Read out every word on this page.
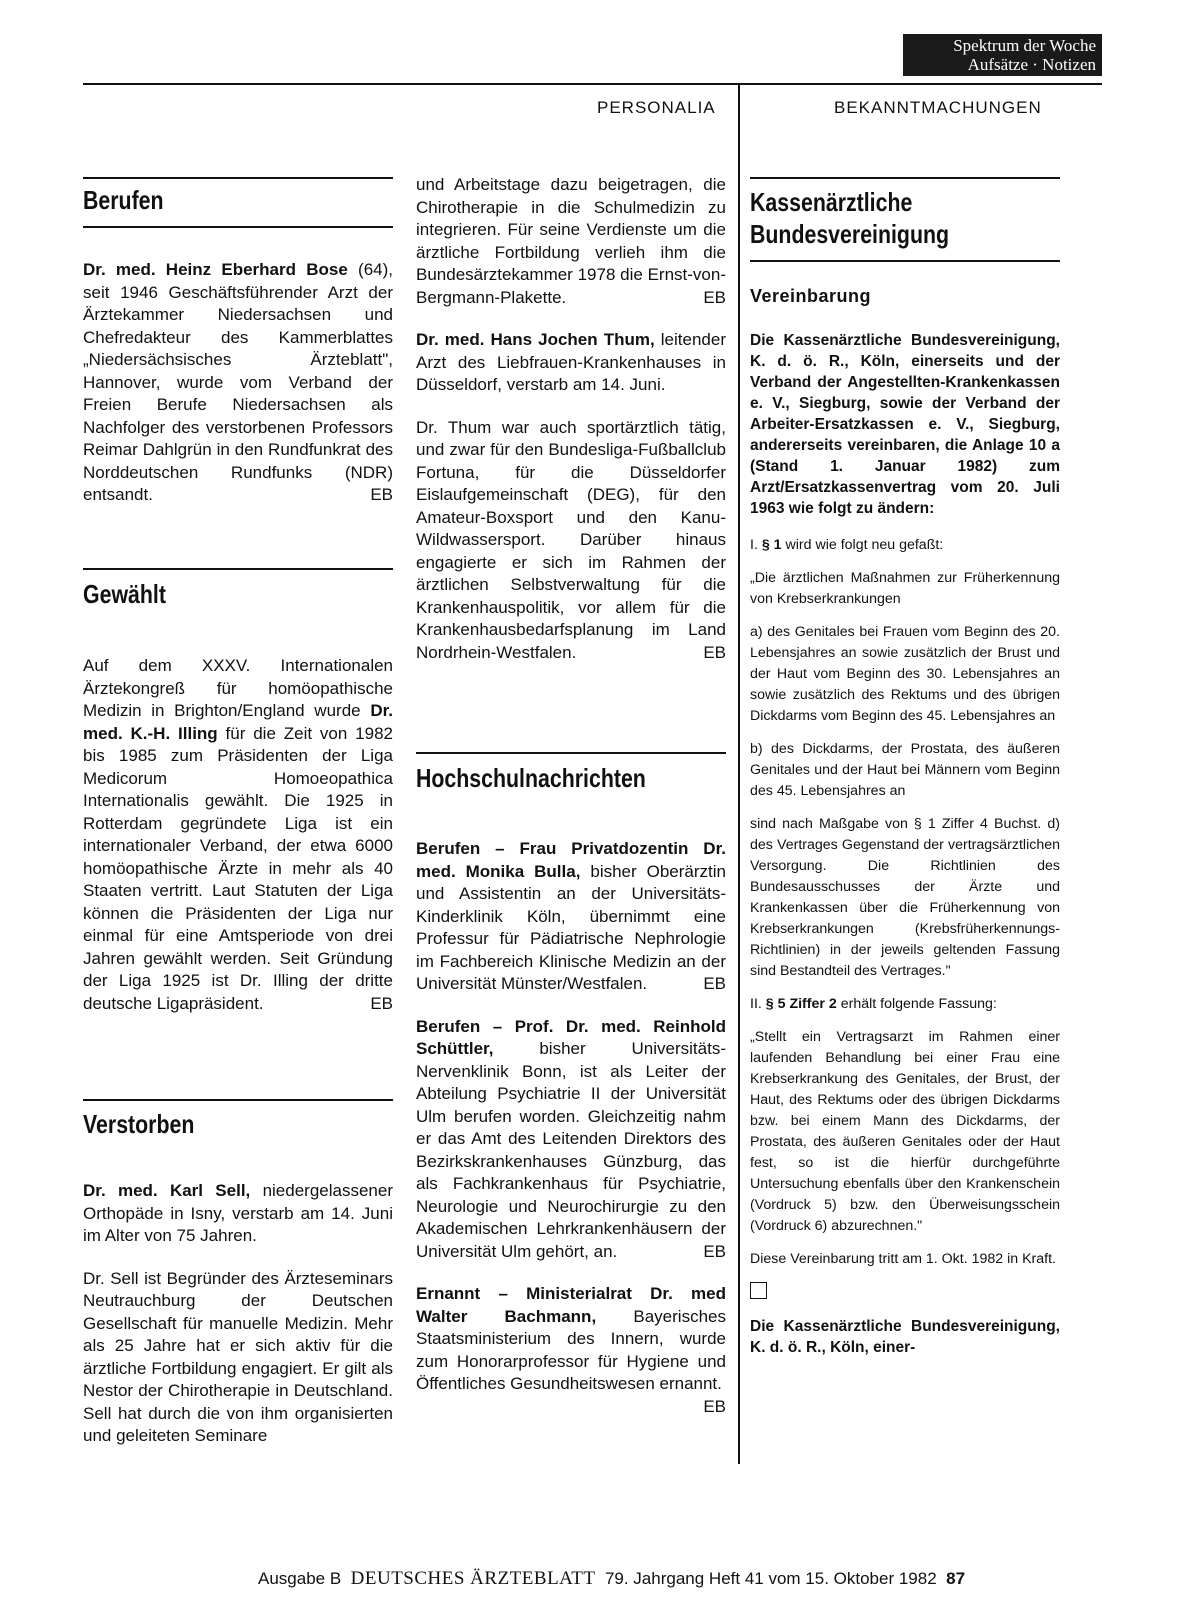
Spektrum der Woche
Aufsätze · Notizen
PERSONALIA	BEKANNTMACHUNGEN
Berufen

Dr. med. Heinz Eberhard Bose (64), seit 1946 Geschäftsführender Arzt der Ärztekammer Niedersachsen und Chefredakteur des Kammerblattes „Niedersächsisches Ärzteblatt", Hannover, wurde vom Verband der Freien Berufe Niedersachsen als Nachfolger des verstorbenen Professors Reimar Dahlgrün in den Rundfunkrat des Norddeutschen Rundfunks (NDR) entsandt.	EB

Gewählt

Auf dem XXXV. Internationalen Ärztekongreß für homöopathische Medizin in Brighton/England wurde Dr. med. K.-H. Illing für die Zeit von 1982 bis 1985 zum Präsidenten der Liga Medicorum Homoeopathica Internationalis gewählt. Die 1925 in Rotterdam gegründete Liga ist ein internationaler Verband, der etwa 6000 homöopathische Ärzte in mehr als 40 Staaten vertritt. Laut Statuten der Liga können die Präsidenten der Liga nur einmal für eine Amtsperiode von drei Jahren gewählt werden. Seit Gründung der Liga 1925 ist Dr. Illing der dritte deutsche Ligapräsident.	EB

Verstorben

Dr. med. Karl Sell, niedergelassener Orthopäde in Isny, verstarb am 14. Juni im Alter von 75 Jahren.

Dr. Sell ist Begründer des Ärzteseminars Neutrauchburg der Deutschen Gesellschaft für manuelle Medizin. Mehr als 25 Jahre hat er sich aktiv für die ärztliche Fortbildung engagiert. Er gilt als Nestor der Chirotherapie in Deutschland. Sell hat durch die von ihm organisierten und geleiteten Seminare

und Arbeitstage dazu beigetragen, die Chirotherapie in die Schulmedizin zu integrieren. Für seine Verdienste um die ärztliche Fortbildung verlieh ihm die Bundesärztekammer 1978 die Ernst-von-Bergmann-Plakette.	EB

Dr. med. Hans Jochen Thum, leitender Arzt des Liebfrauen-Krankenhauses in Düsseldorf, verstarb am 14. Juni.

Dr. Thum war auch sportärztlich tätig, und zwar für den Bundesliga-Fußballclub Fortuna, für die Düsseldorfer Eislaufgemeinschaft (DEG), für den Amateur-Boxsport und den Kanu-Wildwassersport. Darüber hinaus engagierte er sich im Rahmen der ärztlichen Selbstverwaltung für die Krankenhauspolitik, vor allem für die Krankenhausbedarfsplanung im Land Nordrhein-Westfalen.	EB

Hochschulnachrichten

Berufen – Frau Privatdozentin Dr. med. Monika Bulla, bisher Oberärztin und Assistentin an der Universitäts-Kinderklinik Köln, übernimmt eine Professur für Pädiatrische Nephrologie im Fachbereich Klinische Medizin an der Universität Münster/Westfalen.	EB

Berufen – Prof. Dr. med. Reinhold Schüttler,	bisher Universitäts-Nervenklinik Bonn, ist als Leiter der Abteilung Psychiatrie II der Universität Ulm berufen worden. Gleichzeitig nahm er das Amt des Leitenden Direktors des Bezirkskrankenhauses Günzburg, das als Fachkrankenhaus für Psychiatrie, Neurologie und Neurochirurgie zu den Akademischen Lehrkrankenhäusern der Universität Ulm gehört, an.	EB

Ernannt – Ministerialrat Dr. med Walter Bachmann, Bayerisches Staatsministerium des Innern, wurde zum Honorarprofessor für Hygiene und Öffentliches Gesundheitswesen ernannt.
EB

Kassenärztliche
Bundesvereinigung
Vereinbarung

Die Kassenärztliche Bundesvereinigung, K. d. ö. R., Köln, einerseits und der Verband der Angestellten-Krankenkassen e. V., Siegburg, sowie der Verband der Arbeiter-Ersatzkassen e. V., Siegburg, andererseits vereinbaren, die Anlage 10 a (Stand 1. Januar 1982) zum Arzt/Ersatzkassenvertrag vom 20. Juli 1963 wie folgt zu ändern:

I. § 1 wird wie folgt neu gefaßt:

„Die ärztlichen Maßnahmen zur Früherkennung von Krebserkrankungen

a) des Genitales bei Frauen vom Beginn des 20. Lebensjahres an sowie zusätzlich der Brust und der Haut vom Beginn des 30. Lebensjahres an sowie zusätzlich des Rektums und des übrigen Dickdarms vom Beginn des 45. Lebensjahres an

b) des Dickdarms, der Prostata, des äußeren Genitales und der Haut bei Männern vom Beginn des 45. Lebensjahres an

sind nach Maßgabe von § 1 Ziffer 4 Buchst. d) des Vertrages Gegenstand der vertragsärztlichen Versorgung. Die Richtlinien des Bundesausschusses der Ärzte und Krankenkassen über die Früherkennung von Krebserkrankungen (Krebsfrüherkennungs-Richtlinien) in der jeweils geltenden Fassung sind Bestandteil des Vertrages."

II. § 5 Ziffer 2 erhält folgende Fassung:

„Stellt ein Vertragsarzt im Rahmen einer laufenden Behandlung bei einer Frau eine Krebserkrankung des Genitales, der Brust, der Haut, des Rektums oder des übrigen Dickdarms bzw. bei einem Mann des Dickdarms, der Prostata, des äußeren Genitales oder der Haut fest, so ist die hierfür durchgeführte Untersuchung ebenfalls über den Krankenschein (Vordruck 5) bzw. den Überweisungsschein (Vordruck 6) abzurechnen."

Diese Vereinbarung tritt am 1. Okt. 1982 in Kraft.

Die Kassenärztliche Bundesvereinigung, K. d. ö. R., Köln, einer-

Ausgabe B DEUTSCHES ÄRZTEBLATT 79. Jahrgang Heft 41 vom 15. Oktober 1982 87
